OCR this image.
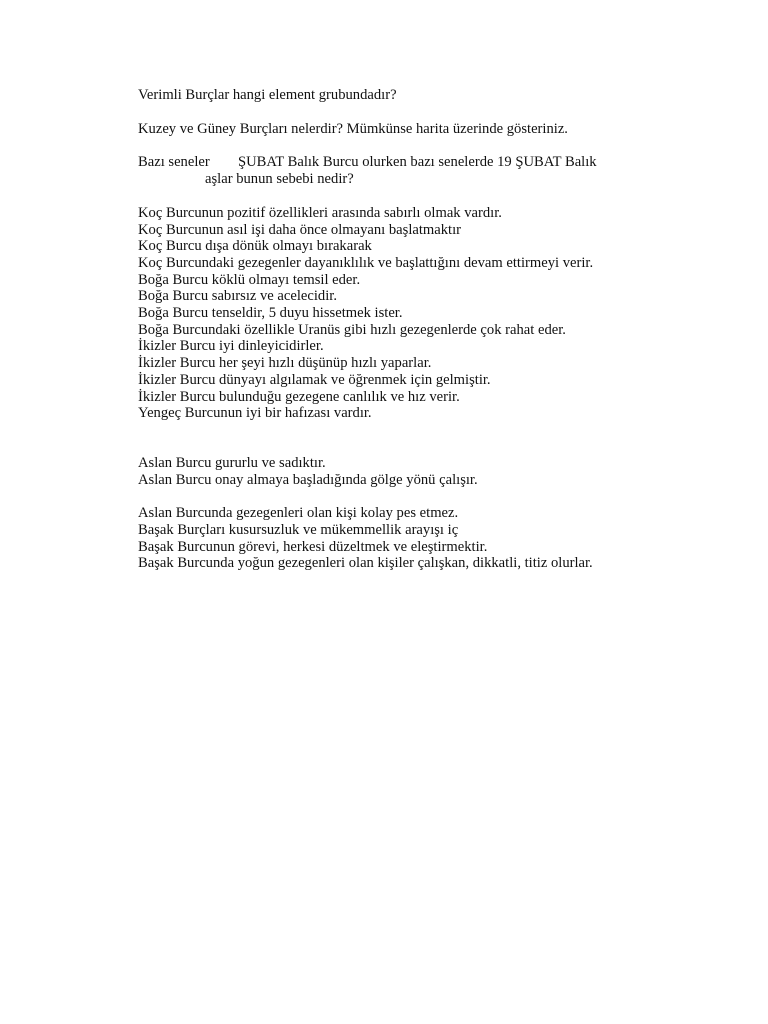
Verimli Burçlar hangi element grubundadır?

Kuzey ve Güney Burçları nelerdir? Mümkünse harita üzerinde gösteriniz.

Bazı seneler	ŞUBAT Balık Burcu olurken bazı senelerde 19 ŞUBAT Balık

aşlar bunun sebebi nedir?

Koç Burcunun pozitif özellikleri arasında sabırlı olmak vardır.

Koç Burcunun asıl işi daha önce olmayanı başlatmaktır

Koç Burcu dışa dönük olmayı bırakarak

Koç Burcundaki gezegenler dayanıklılık ve başlattığını devam ettirmeyi verir.

Boğa Burcu köklü olmayı temsil eder.

Boğa Burcu sabırsız ve acelecidir.

Boğa Burcu tenseldir, 5 duyu hissetmek ister.

Boğa Burcundaki özellikle Uranüs gibi hızlı gezegenlerde çok rahat eder.

İkizler Burcu iyi dinleyicidirler.

İkizler Burcu her şeyi hızlı düşünüp hızlı yaparlar.

İkizler Burcu dünyayı algılamak ve öğrenmek için gelmiştir.

İkizler Burcu bulunduğu gezegene canlılık ve hız verir.

Yengeç Burcunun iyi bir hafızası vardır.

Aslan Burcu gururlu ve sadıktır.

Aslan Burcu onay almaya başladığında gölge yönü çalışır.

Aslan Burcunda gezegenleri olan kişi kolay pes etmez.

Başak Burçları kusursuzluk ve mükemmellik arayışı iç

Başak Burcunun görevi, herkesi düzeltmek ve eleştirmektir.

Başak Burcunda yoğun gezegenleri olan kişiler çalışkan, dikkatli, titiz olurlar.
